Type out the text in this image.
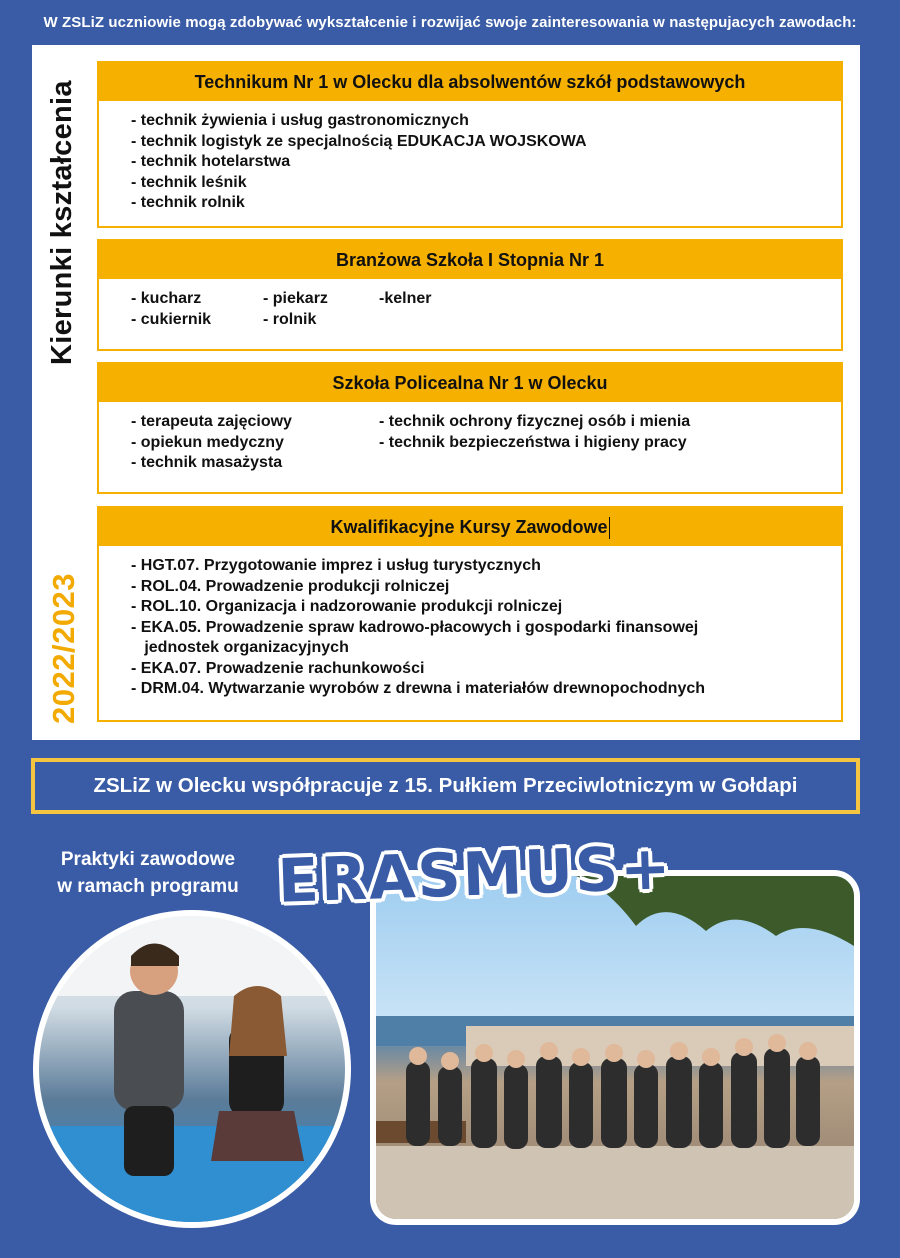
W ZSLiZ uczniowie mogą zdobywać wykształcenie i rozwijać swoje zainteresowania w następujacych zawodach:
Kierunki kształcenia
2022/2023
Technikum Nr 1 w Olecku dla absolwentów szkół podstawowych
- technik żywienia i usług gastronomicznych
- technik logistyk ze specjalnością EDUKACJA WOJSKOWA
- technik hotelarstwa
- technik leśnik
- technik rolnik
Branżowa Szkoła I Stopnia Nr 1
- kucharz
- cukiernik
- piekarz
- rolnik
-kelner
Szkoła Policealna Nr 1 w Olecku
- terapeuta zajęciowy
- opiekun medyczny
- technik masażysta
- technik ochrony fizycznej osób i mienia
- technik bezpieczeństwa i higieny pracy
Kwalifikacyjne Kursy Zawodowe
- HGT.07. Przygotowanie imprez i usług turystycznych
- ROL.04. Prowadzenie produkcji rolniczej
- ROL.10. Organizacja i nadzorowanie produkcji rolniczej
- EKA.05. Prowadzenie spraw kadrowo-płacowych i gospodarki finansowej
jednostek organizacyjnych
- EKA.07. Prowadzenie rachunkowości
- DRM.04. Wytwarzanie wyrobów z drewna i materiałów drewnopochodnych
ZSLiZ w Olecku współpracuje z 15. Pułkiem Przeciwlotniczym w Gołdapi
Praktyki zawodowe
w ramach programu ERASMUS+
